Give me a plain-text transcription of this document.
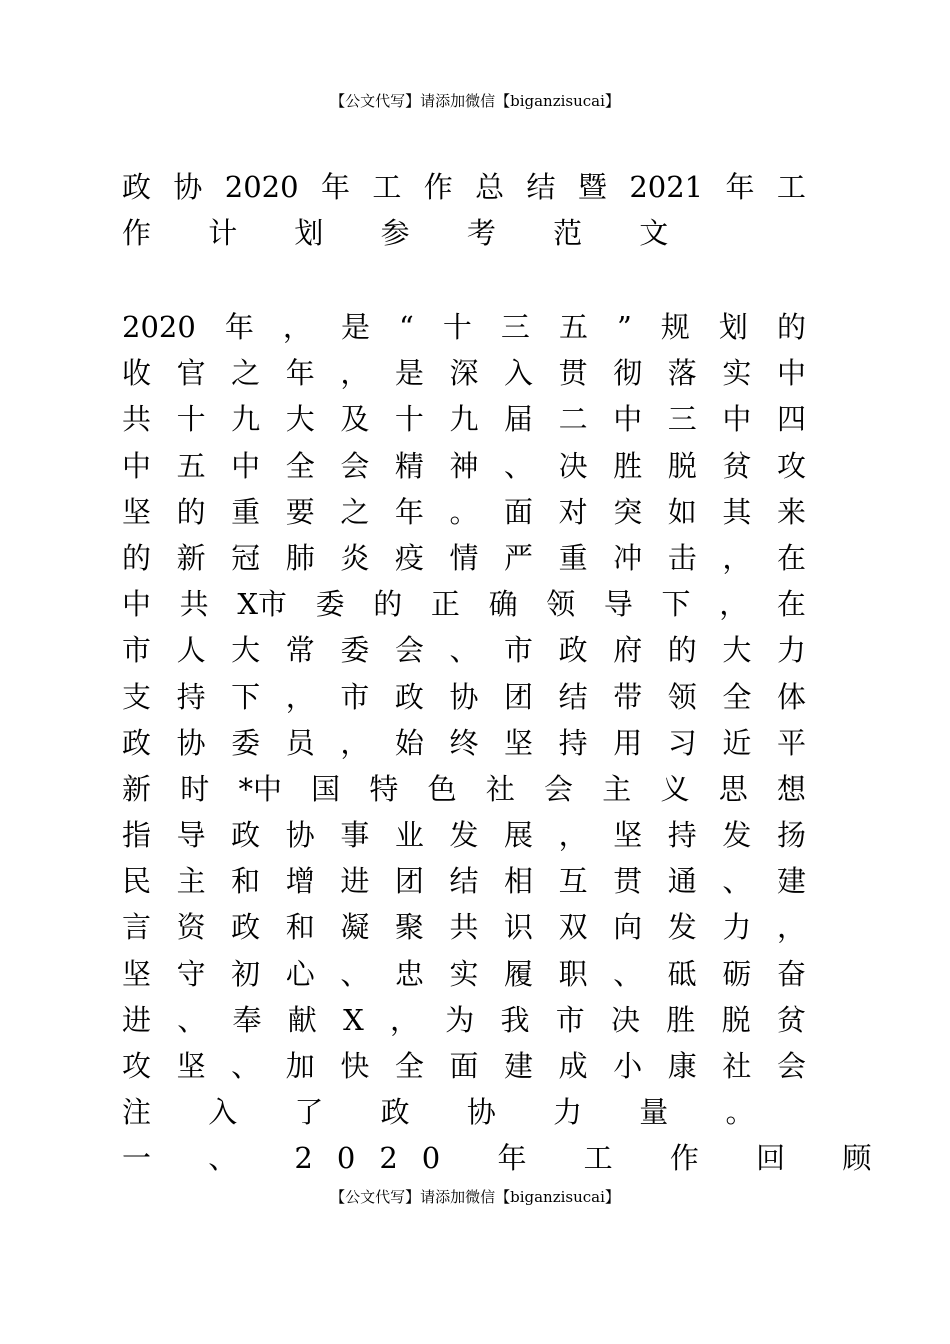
【公文代写】请添加微信【biganzisucai】
政 协 2020 年 工 作 总 结 暨 2021 年 工
作 计 划 参 考 范 文
2020 年 ， 是 “ 十 三 五 ” 规 划 的
收 官 之 年 ， 是 深 入 贯 彻 落 实 中
共 十 九 大 及 十 九 届 二 中 三 中 四
中 五 中 全 会 精 神 、 决 胜 脱 贫 攻
坚 的 重 要 之 年 。 面 对 突 如 其 来
的 新 冠 肺 炎 疫 情 严 重 冲 击 ， 在
中 共 X市 委 的 正 确 领 导 下 ， 在
市 人 大 常 委 会 、 市 政 府 的 大 力
支 持 下 ， 市 政 协 团 结 带 领 全 体
政 协 委 员 ， 始 终 坚 持 用 习 近 平
新 时 *中 国 特 色 社 会 主 义 思 想
指 导 政 协 事 业 发 展 ， 坚 持 发 扬
民 主 和 增 进 团 结 相 互 贯 通 、 建
言 资 政 和 凝 聚 共 识 双 向 发 力 ，
坚 守 初 心 、 忠 实 履 职 、 砥 砺 奋
进 、 奉 献 X ， 为 我 市 决 胜 脱 贫
攻 坚 、 加 快 全 面 建 成 小 康 社 会
注 入 了 政 协 力 量 。
一 、 2020 年 工 作 回 顾
【公文代写】请添加微信【biganzisucai】
